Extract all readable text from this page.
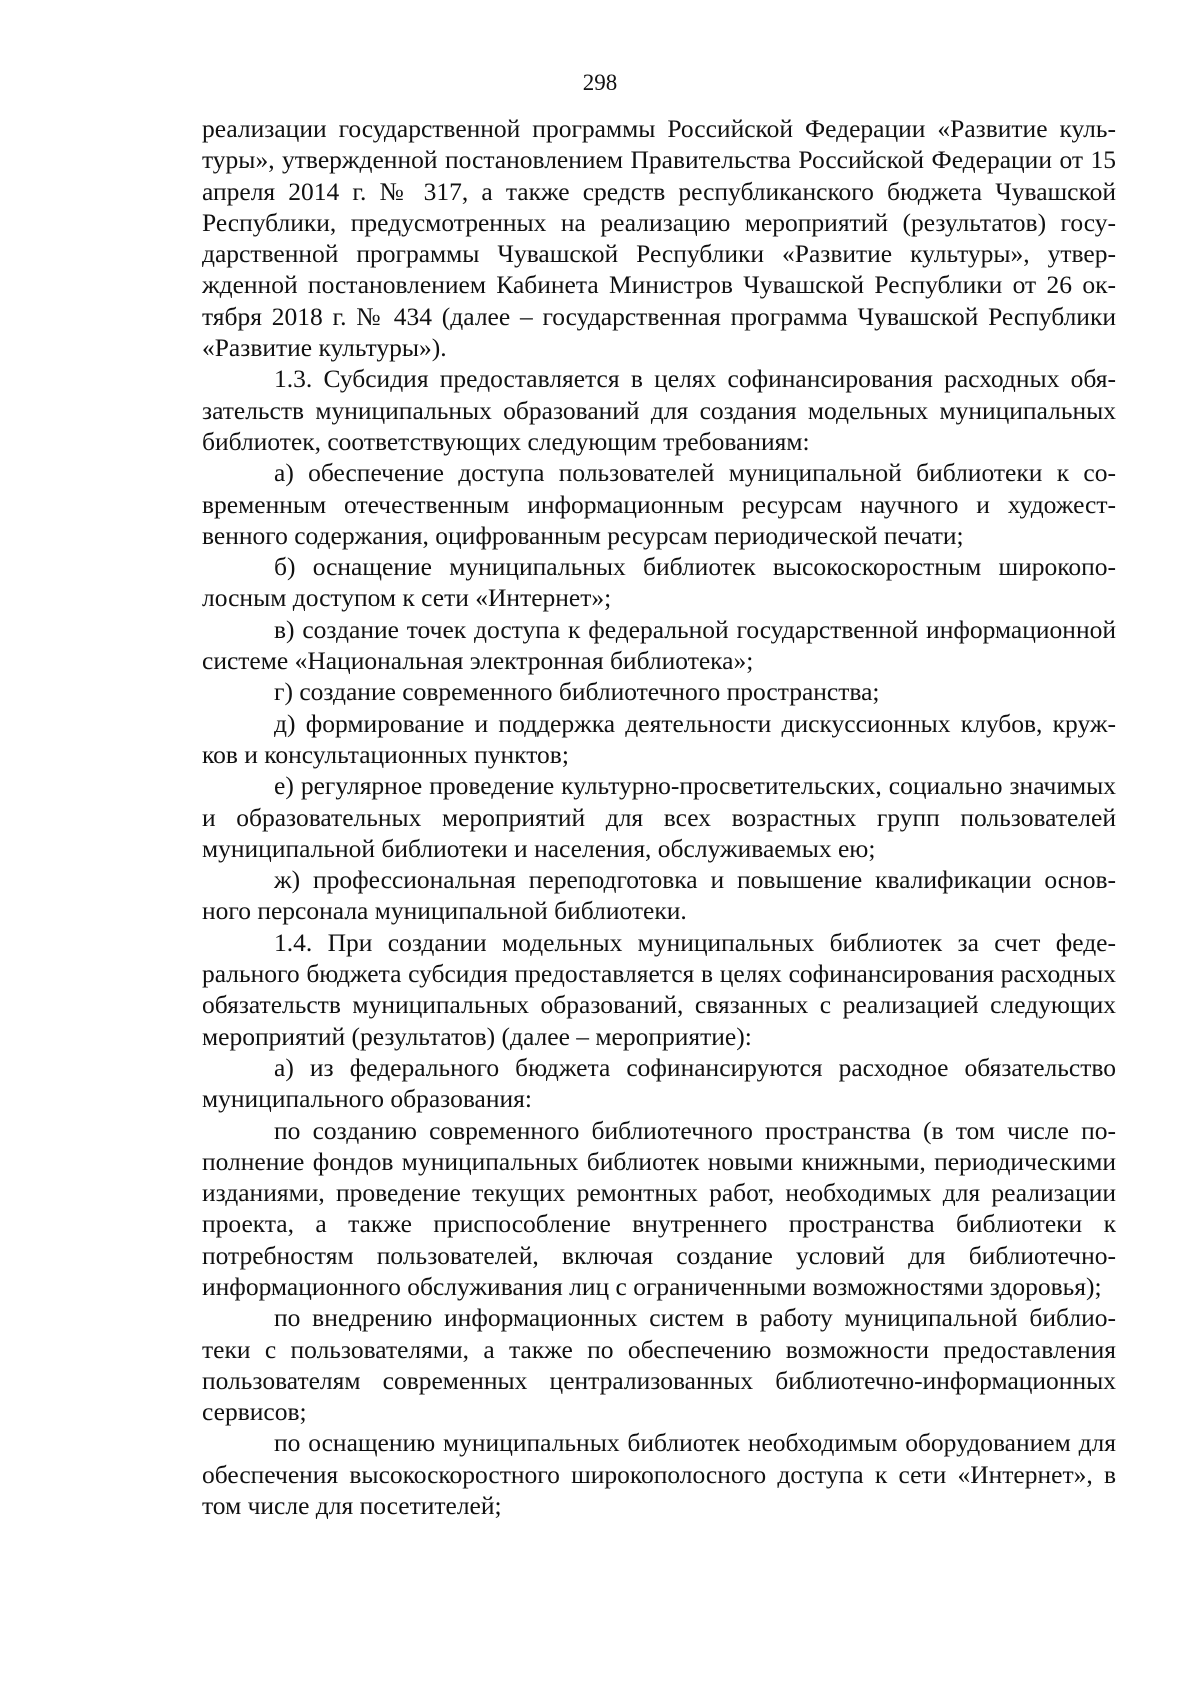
298

реализации государственной программы Российской Федерации «Развитие культуры», утвержденной постановлением Правительства Российской Федерации от 15 апреля 2014 г. № 317, а также средств республиканского бюджета Чувашской Республики, предусмотренных на реализацию мероприятий (результатов) государственной программы Чувашской Республики «Развитие культуры», утвержденной постановлением Кабинета Министров Чувашской Республики от 26 октября 2018 г. № 434 (далее – государственная программа Чувашской Республики «Развитие культуры»).

1.3. Субсидия предоставляется в целях софинансирования расходных обязательств муниципальных образований для создания модельных муниципальных библиотек, соответствующих следующим требованиям:

а) обеспечение доступа пользователей муниципальной библиотеки к современным отечественным информационным ресурсам научного и художественного содержания, оцифрованным ресурсам периодической печати;

б) оснащение муниципальных библиотек высокоскоростным широкополосным доступом к сети «Интернет»;

в) создание точек доступа к федеральной государственной информационной системе «Национальная электронная библиотека»;

г) создание современного библиотечного пространства;

д) формирование и поддержка деятельности дискуссионных клубов, кружков и консультационных пунктов;

е) регулярное проведение культурно-просветительских, социально значимых и образовательных мероприятий для всех возрастных групп пользователей муниципальной библиотеки и населения, обслуживаемых ею;

ж) профессиональная переподготовка и повышение квалификации основного персонала муниципальной библиотеки.

1.4. При создании модельных муниципальных библиотек за счет федерального бюджета субсидия предоставляется в целях софинансирования расходных обязательств муниципальных образований, связанных с реализацией следующих мероприятий (результатов) (далее – мероприятие):

а) из федерального бюджета софинансируются расходное обязательство муниципального образования:

по созданию современного библиотечного пространства (в том числе пополнение фондов муниципальных библиотек новыми книжными, периодическими изданиями, проведение текущих ремонтных работ, необходимых для реализации проекта, а также приспособление внутреннего пространства библиотеки к потребностям пользователей, включая создание условий для библиотечно-информационного обслуживания лиц с ограниченными возможностями здоровья);

по внедрению информационных систем в работу муниципальной библиотеки с пользователями, а также по обеспечению возможности предоставления пользователям современных централизованных библиотечно-информационных сервисов;

по оснащению муниципальных библиотек необходимым оборудованием для обеспечения высокоскоростного широкополосного доступа к сети «Интернет», в том числе для посетителей;
